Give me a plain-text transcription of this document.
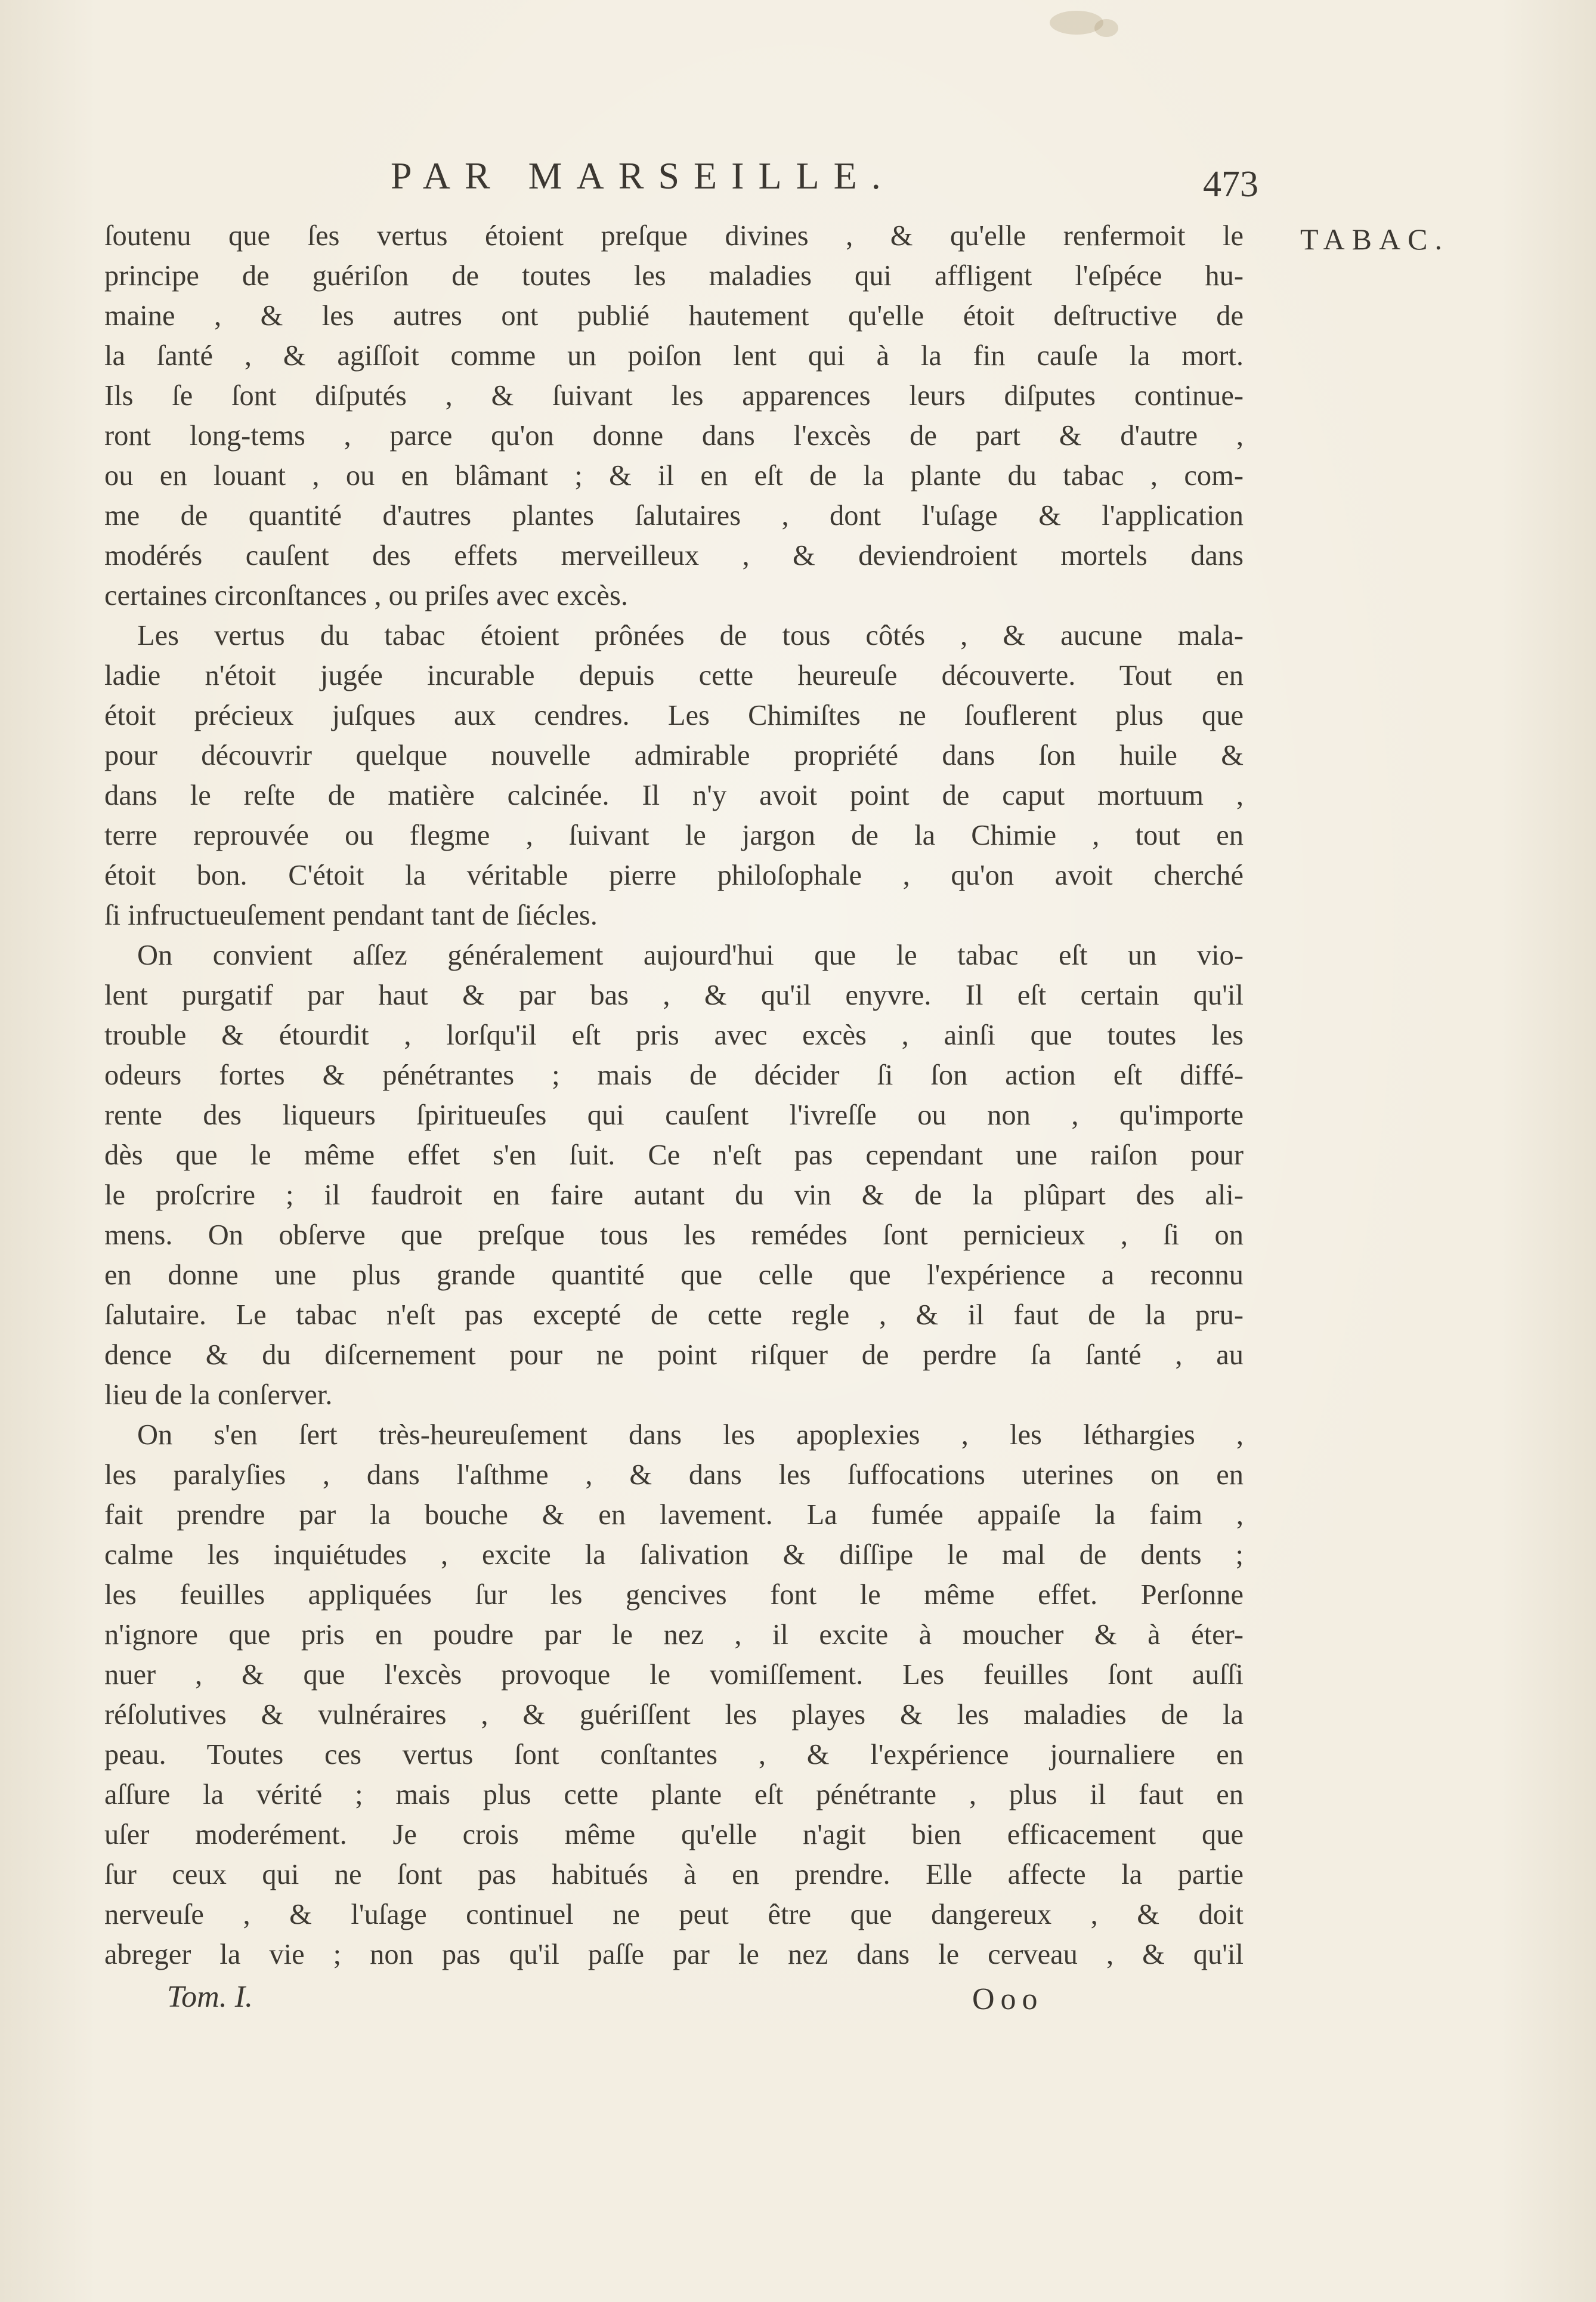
PAR MARSEILLE.	473
TABAC.
ſoutenu que ſes vertus étoient preſque divines , & qu'elle renfermoit le
principe de guériſon de toutes les maladies qui affligent l'eſpéce hu-
maine , & les autres ont publié hautement qu'elle étoit deſtructive de
la ſanté , & agiſſoit comme un poiſon lent qui à la fin cauſe la mort.
Ils ſe ſont diſputés , & ſuivant les apparences leurs diſputes continue-
ront long-tems , parce qu'on donne dans l'excès de part & d'autre ,
ou en louant , ou en blâmant ; & il en eſt de la plante du tabac , com-
me de quantité d'autres plantes ſalutaires , dont l'uſage & l'application
modérés cauſent des effets merveilleux , & deviendroient mortels dans
certaines circonſtances , ou priſes avec excès.
Les vertus du tabac étoient prônées de tous côtés , & aucune mala-
ladie n'étoit jugée incurable depuis cette heureuſe découverte. Tout en
étoit précieux juſques aux cendres. Les Chimiſtes ne ſouflerent plus que
pour découvrir quelque nouvelle admirable propriété dans ſon huile &
dans le reſte de matière calcinée. Il n'y avoit point de caput mortuum ,
terre reprouvée ou flegme , ſuivant le jargon de la Chimie , tout en
étoit bon. C'étoit la véritable pierre philoſophale , qu'on avoit cherché
ſi infructueuſement pendant tant de ſiécles.
On convient aſſez généralement aujourd'hui que le tabac eſt un vio-
lent purgatif par haut & par bas , & qu'il enyvre. Il eſt certain qu'il
trouble & étourdit , lorſqu'il eſt pris avec excès , ainſi que toutes les
odeurs fortes & pénétrantes ; mais de décider ſi ſon action eſt diffé-
rente des liqueurs ſpiritueuſes qui cauſent l'ivreſſe ou non , qu'importe
dès que le même effet s'en ſuit. Ce n'eſt pas cependant une raiſon pour
le proſcrire ; il faudroit en faire autant du vin & de la plûpart des ali-
mens. On obſerve que preſque tous les remédes ſont pernicieux , ſi on
en donne une plus grande quantité que celle que l'expérience a reconnu
ſalutaire. Le tabac n'eſt pas excepté de cette regle , & il faut de la pru-
dence & du diſcernement pour ne point riſquer de perdre ſa ſanté , au
lieu de la conſerver.
On s'en ſert très-heureuſement dans les apoplexies , les léthargies ,
les paralyſies , dans l'aſthme , & dans les ſuffocations uterines on en
fait prendre par la bouche & en lavement. La fumée appaiſe la faim ,
calme les inquiétudes , excite la ſalivation & diſſipe le mal de dents ;
les feuilles appliquées ſur les gencives font le même effet. Perſonne
n'ignore que pris en poudre par le nez , il excite à moucher & à éter-
nuer , & que l'excès provoque le vomiſſement. Les feuilles ſont auſſi
réſolutives & vulnéraires , & guériſſent les playes & les maladies de la
peau. Toutes ces vertus ſont conſtantes , & l'expérience journaliere en
aſſure la vérité ; mais plus cette plante eſt pénétrante , plus il faut en
uſer moderément. Je crois même qu'elle n'agit bien efficacement que
ſur ceux qui ne ſont pas habitués à en prendre. Elle affecte la partie
nerveuſe , & l'uſage continuel ne peut être que dangereux , & doit
abreger la vie ; non pas qu'il paſſe par le nez dans le cerveau , & qu'il
Tom. I.	Ooo
